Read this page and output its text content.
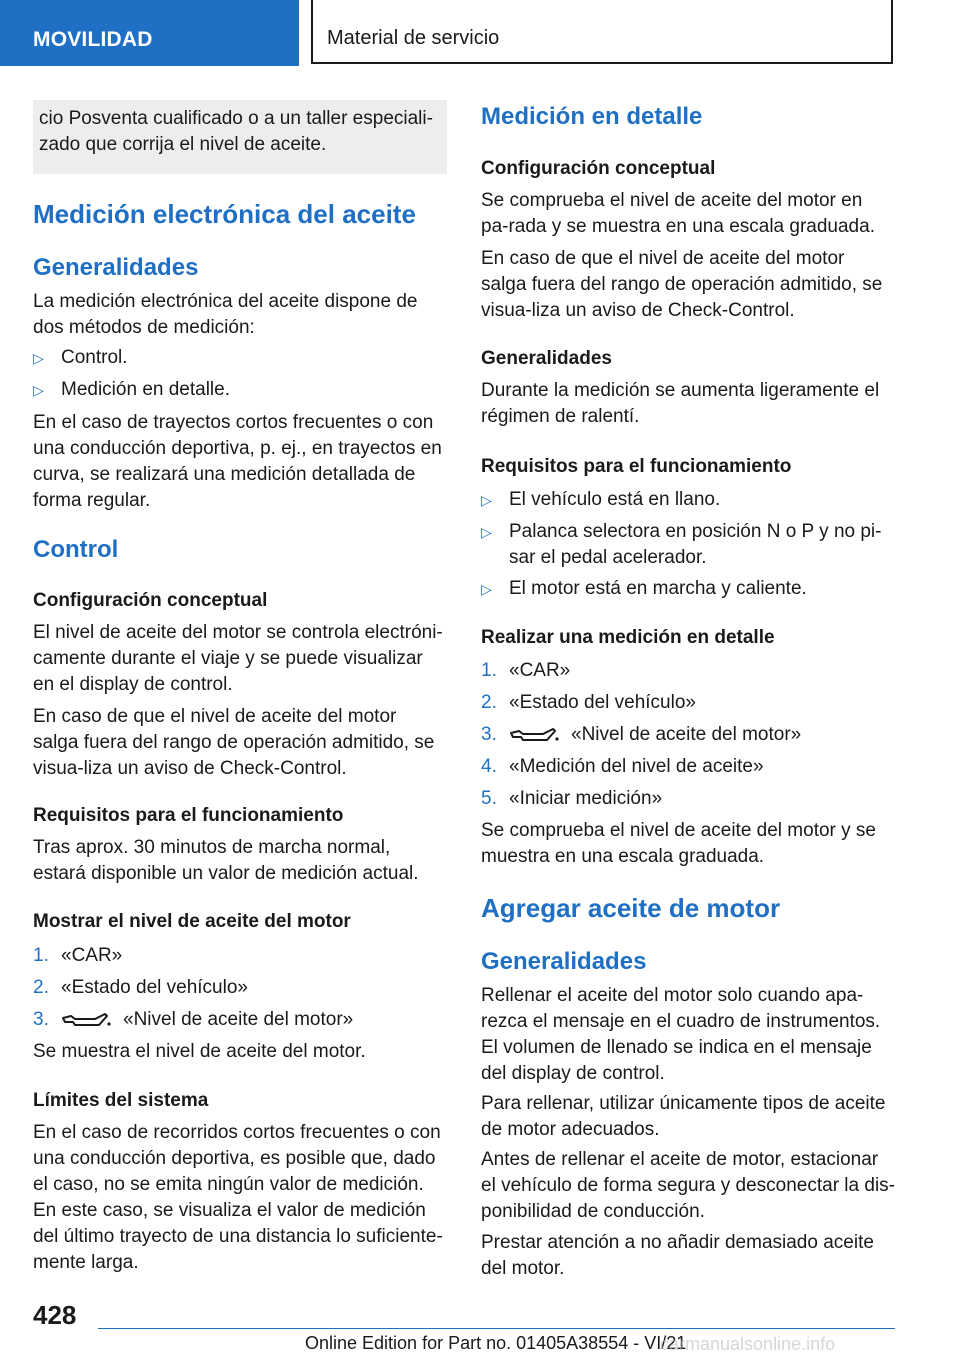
MOVILIDAD	Material de servicio

cio Posventa cualificado o a un taller especiali-zado que corrija el nivel de aceite.

Medición electrónica del aceite
Generalidades

La medición electrónica del aceite dispone de dos métodos de medición:

▷ Control.
▷ Medición en detalle.

En el caso de trayectos cortos frecuentes o con una conducción deportiva, p. ej., en trayectos en curva, se realizará una medición detallada de forma regular.

Control
Configuración conceptual

El nivel de aceite del motor se controla electróni-camente durante el viaje y se puede visualizar en el display de control.

En caso de que el nivel de aceite del motor salga fuera del rango de operación admitido, se visua-liza un aviso de Check-Control.

Requisitos para el funcionamiento

Tras aprox. 30 minutos de marcha normal, estará disponible un valor de medición actual.

Mostrar el nivel de aceite del motor
1. «CAR»
2. «Estado del vehículo»
3.	«Nivel de aceite del motor»

Se muestra el nivel de aceite del motor.

Límites del sistema

En el caso de recorridos cortos frecuentes o con una conducción deportiva, es posible que, dado el caso, no se emita ningún valor de medición.

En este caso, se visualiza el valor de medición del último trayecto de una distancia lo suficiente-mente larga.

Medición en detalle
Configuración conceptual

Se comprueba el nivel de aceite del motor en pa-rada y se muestra en una escala graduada.

En caso de que el nivel de aceite del motor salga fuera del rango de operación admitido, se visua-liza un aviso de Check-Control.

Generalidades

Durante la medición se aumenta ligeramente el régimen de ralentí.

Requisitos para el funcionamiento
▷ El vehículo está en llano.
▷ Palanca selectora en posición N o P y no pi-sar el pedal acelerador.
▷ El motor está en marcha y caliente.
Realizar una medición en detalle
1. «CAR»
2. «Estado del vehículo»
3.	«Nivel de aceite del motor»
4. «Medición del nivel de aceite»
5. «Iniciar medición»

Se comprueba el nivel de aceite del motor y se muestra en una escala graduada.

Agregar aceite de motor
Generalidades

Rellenar el aceite del motor solo cuando apa-rezca el mensaje en el cuadro de instrumentos.

El volumen de llenado se indica en el mensaje del display de control.

Para rellenar, utilizar únicamente tipos de aceite de motor adecuados.

Antes de rellenar el aceite de motor, estacionar el vehículo de forma segura y desconectar la dis-ponibilidad de conducción.

Prestar atención a no añadir demasiado aceite del motor.

428
Online Edition for Part no. 01405A38554 - VI/21
carmanualsonline.info
